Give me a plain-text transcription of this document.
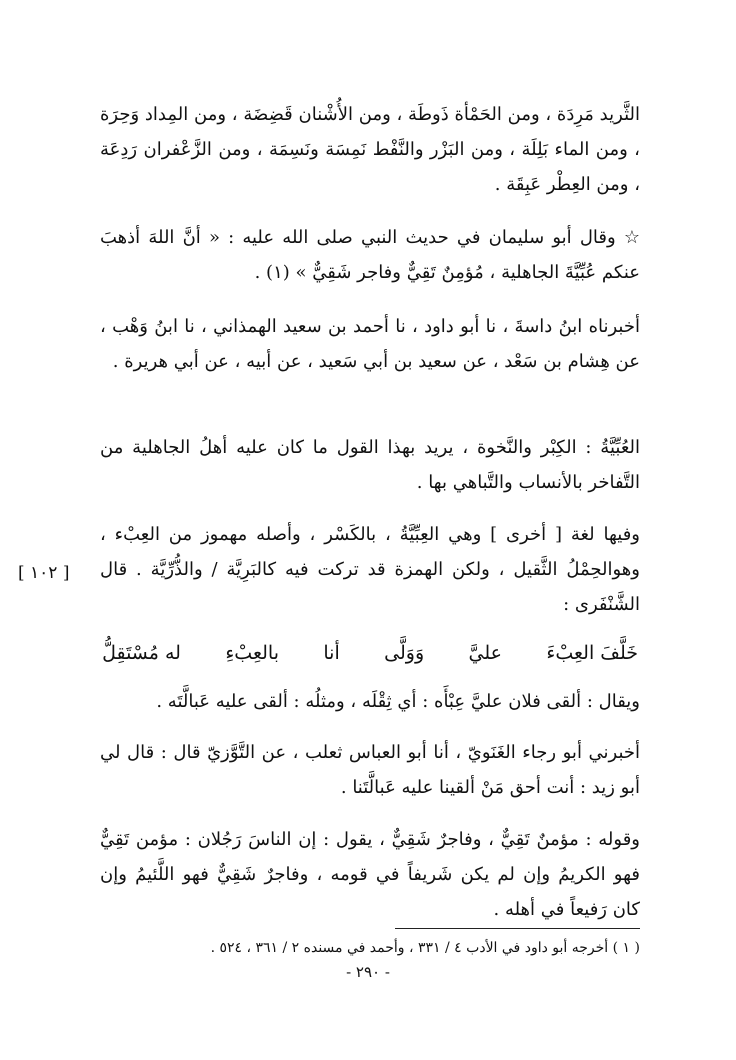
الثَّريد مَرِدَة ، ومن الحَمْأة ذَوطَة ، ومن الأُشْنان قَضِضَة ، ومن المِداد وَحِرَة ، ومن الماء بَلِلَة ، ومن البَزْر والنَّفْط نَمِسَة ونَسِمَة ، ومن الزَّعْفران رَدِعَة ، ومن العِطْر عَبِقَة .

☆ وقال أبو سليمان في حديث النبي صلى الله عليه : « أنَّ اللهَ أذهبَ عنكم عُبِّيَّةَ الجاهلية ، مُؤمِنٌ تَقِيٌّ وفاجر شَقِيٌّ » (١) .

أخبرناه ابنُ داسةَ ، نا أبو داود ، نا أحمد بن سعيد الهمذاني ، نا ابنُ وَهْب ، عن هِشام بن سَعْد ، عن سعيد بن أبي سَعيد ، عن أبيه ، عن أبي هريرة .

العُبِّيَّةُ : الكِبْر والنَّخوة ، يريد بهذا القول ما كان عليه أهلُ الجاهلية من التَّفاخر بالأنساب والتَّباهي بها .

وفيها لغة [ أخرى ] وهي العِبِّيَّةُ ، بالكَسْر ، وأصله مهموز من العِبْء ، وهوالحِمْلُ الثَّقيل ، ولكن الهمزة قد تركت فيه كالبَرِيَّة / والذُّرِّيَّة . قال الشَّنْفَرى :

[ ١٠٢ ]
خَلَّفَ العِبْءَ
عليَّ
وَوَلَّى
أنا
بالعِبْءِ
له مُسْتَقِلُّ

ويقال : ألقى فلان عليَّ عِبْأَه : أي ثِقْلَه ، ومثلُه : ألقى عليه عَبالَّتَه .

أخبرني أبو رجاء الغَنَويّ ، أنا أبو العباس ثعلب ، عن التَّوَّزيّ قال : قال لي أبو زيد : أنت أحق مَنْ ألقينا عليه عَبالَّتَنا .

وقوله : مؤمنٌ تَقِيٌّ ، وفاجرٌ شَقِيٌّ ، يقول : إن الناسَ رَجُلان : مؤمن تَقِيٌّ فهو الكريمُ وإن لم يكن شَريفاً في قومه ، وفاجرٌ شَقِيٌّ فهو اللَّئيمُ وإن كان رَفيعاً في أهله .

( ١ ) أخرجه أبو داود في الأدب ٤ / ٣٣١ ، وأحمد في مسنده ٢ / ٣٦١ ، ٥٢٤ .

- ٢٩٠ -
